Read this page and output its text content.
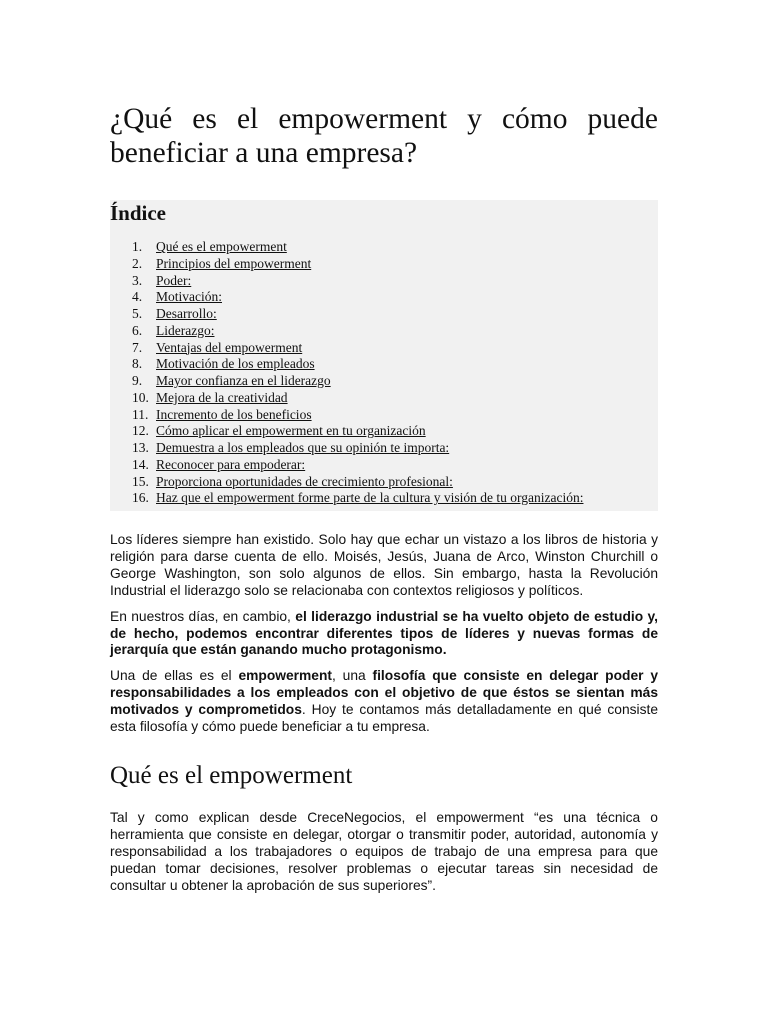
¿Qué es el empowerment y cómo puede beneficiar a una empresa?
Índice
1.	Qué es el empowerment
2.	Principios del empowerment
3.	Poder:
4.	Motivación:
5.	Desarrollo:
6.	Liderazgo:
7.	Ventajas del empowerment
8.	Motivación de los empleados
9.	Mayor confianza en el liderazgo
10. Mejora de la creatividad
11. Incremento de los beneficios
12. Cómo aplicar el empowerment en tu organización
13. Demuestra a los empleados que su opinión te importa:
14. Reconocer para empoderar:
15. Proporciona oportunidades de crecimiento profesional:
16. Haz que el empowerment forme parte de la cultura y visión de tu organización:

Los líderes siempre han existido. Solo hay que echar un vistazo a los libros de historia y religión para darse cuenta de ello. Moisés, Jesús, Juana de Arco, Winston Churchill o George Washington, son solo algunos de ellos. Sin embargo, hasta la Revolución Industrial el liderazgo solo se relacionaba con contextos religiosos y políticos.

En nuestros días, en cambio, el liderazgo industrial se ha vuelto objeto de estudio y, de hecho, podemos encontrar diferentes tipos de líderes y nuevas formas de jerarquía que están ganando mucho protagonismo.

Una de ellas es el empowerment, una filosofía que consiste en delegar poder y responsabilidades a los empleados con el objetivo de que éstos se sientan más motivados y comprometidos. Hoy te contamos más detalladamente en qué consiste esta filosofía y cómo puede beneficiar a tu empresa.

Qué es el empowerment

Tal y como explican desde CreceNegocios, el empowerment “es una técnica o herramienta que consiste en delegar, otorgar o transmitir poder, autoridad, autonomía y responsabilidad a los trabajadores o equipos de trabajo de una empresa para que puedan tomar decisiones, resolver problemas o ejecutar tareas sin necesidad de consultar u obtener la aprobación de sus superiores”.
